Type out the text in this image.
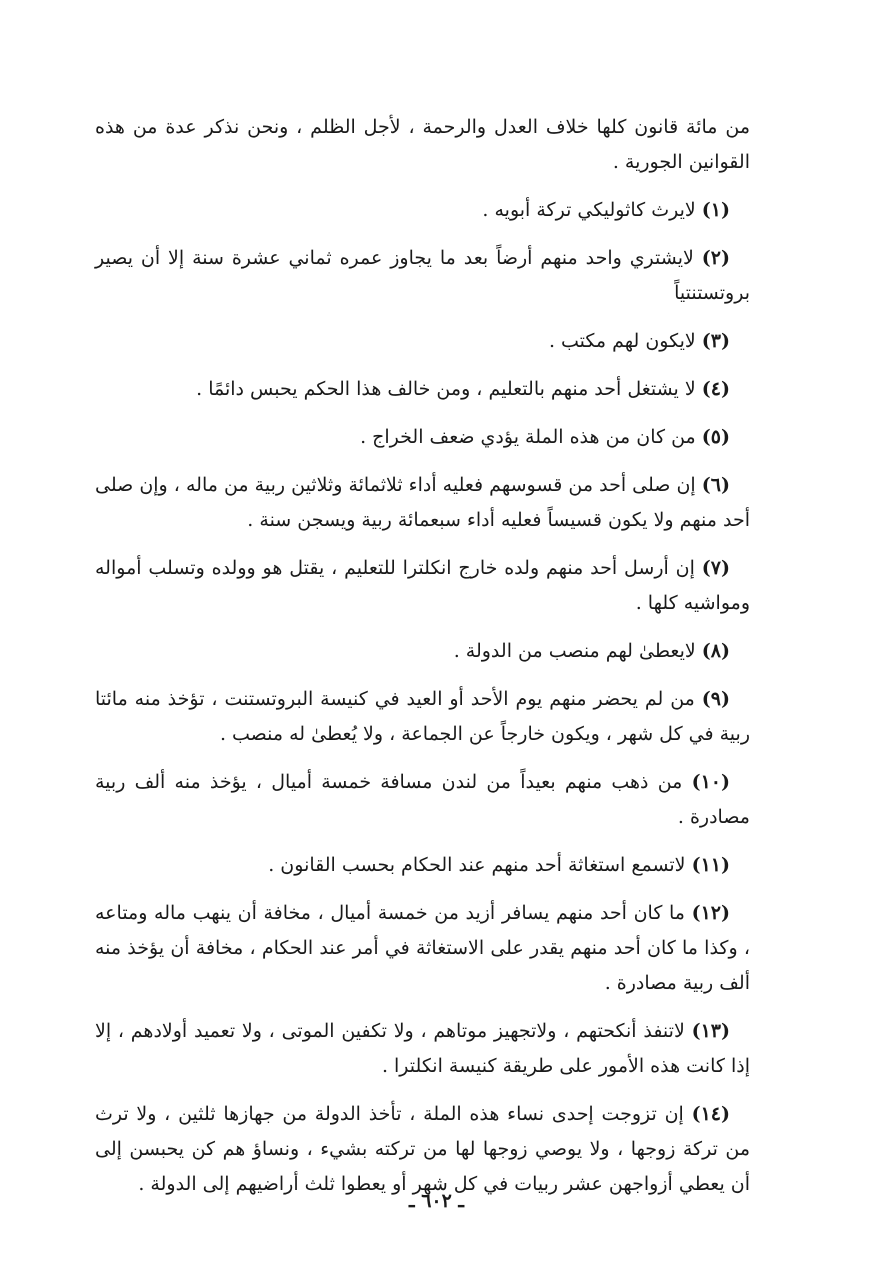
من مائة قانون كلها خلاف العدل والرحمة ، لأجل الظلم ، ونحن نذكر عدة من هذه القوانين الجورية .

(١) لايرث كاثوليكي تركة أبويه .

(٢) لايشتري واحد منهم أرضاً بعد ما يجاوز عمره ثماني عشرة سنة إلا أن يصير بروتستنتياً

(٣) لايكون لهم مكتب .

(٤) لا يشتغل أحد منهم بالتعليم ، ومن خالف هذا الحكم يحبس دائمًا .

(٥) من كان من هذه الملة يؤدي ضعف الخراج .

(٦) إن صلى أحد من قسوسهم فعليه أداء ثلاثمائة وثلاثين ربية من ماله ، وإن صلى أحد منهم ولا يكون قسيساً فعليه أداء سبعمائة ربية ويسجن سنة .

(٧) إن أرسل أحد منهم ولده خارج انكلترا للتعليم ، يقتل هو وولده وتسلب أمواله ومواشيه كلها .

(٨) لايعطىٰ لهم منصب من الدولة .

(٩) من لم يحضر منهم يوم الأحد أو العيد في كنيسة البروتستنت ، تؤخذ منه مائتا ربية في كل شهر ، ويكون خارجاً عن الجماعة ، ولا يُعطىٰ له منصب .

(١٠) من ذهب منهم بعيداً من لندن مسافة خمسة أميال ، يؤخذ منه ألف ربية مصادرة .

(١١) لاتسمع استغاثة أحد منهم عند الحكام بحسب القانون .

(١٢) ما كان أحد منهم يسافر أزيد من خمسة أميال ، مخافة أن ينهب ماله ومتاعه ، وكذا ما كان أحد منهم يقدر على الاستغاثة في أمر عند الحكام ، مخافة أن يؤخذ منه ألف ربية مصادرة .

(١٣) لاتنفذ أنكحتهم ، ولاتجهيز موتاهم ، ولا تكفين الموتى ، ولا تعميد أولادهم ، إلا إذا كانت هذه الأمور على طريقة كنيسة انكلترا .

(١٤) إن تزوجت إحدى نساء هذه الملة ، تأخذ الدولة من جهازها ثلثين ، ولا ترث من تركة زوجها ، ولا يوصي زوجها لها من تركته بشيء ، ونساؤ هم كن يحبسن إلى أن يعطي أزواجهن عشر ربيات في كل شهر أو يعطوا ثلث أراضيهم إلى الدولة .

ـ ٦٠٢ ـ
